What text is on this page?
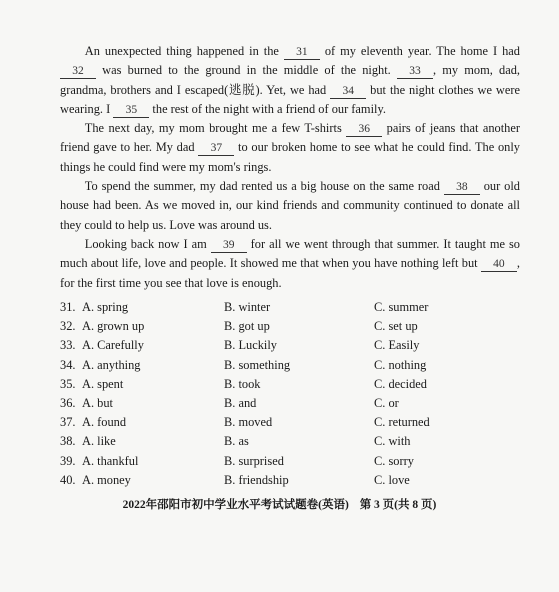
An unexpected thing happened in the 31 of my eleventh year. The home I had 32 was burned to the ground in the middle of the night. 33 , my mom, dad, grandma, brothers and I escaped(逃脱). Yet, we had 34 but the night clothes we were wearing. I 35 the rest of the night with a friend of our family.

The next day, my mom brought me a few T-shirts 36 pairs of jeans that another friend gave to her. My dad 37 to our broken home to see what he could find. The only things he could find were my mom's rings.

To spend the summer, my dad rented us a big house on the same road 38 our old house had been. As we moved in, our kind friends and community continued to donate all they could to help us. Love was around us.

Looking back now I am 39 for all we went through that summer. It taught me so much about life, love and people. It showed me that when you have nothing left but 40 , for the first time you see that love is enough.

31. A. spring	B. winter	C. summer
32. A. grown up	B. got up	C. set up
33. A. Carefully	B. Luckily	C. Easily
34. A. anything	B. something	C. nothing
35. A. spent	B. took	C. decided
36. A. but	B. and	C. or
37. A. found	B. moved	C. returned
38. A. like	B. as	C. with
39. A. thankful	B. surprised	C. sorry
40. A. money	B. friendship	C. love
2022年邵阳市初中学业水平考试试题卷(英语) 第 3 页(共 8 页)
